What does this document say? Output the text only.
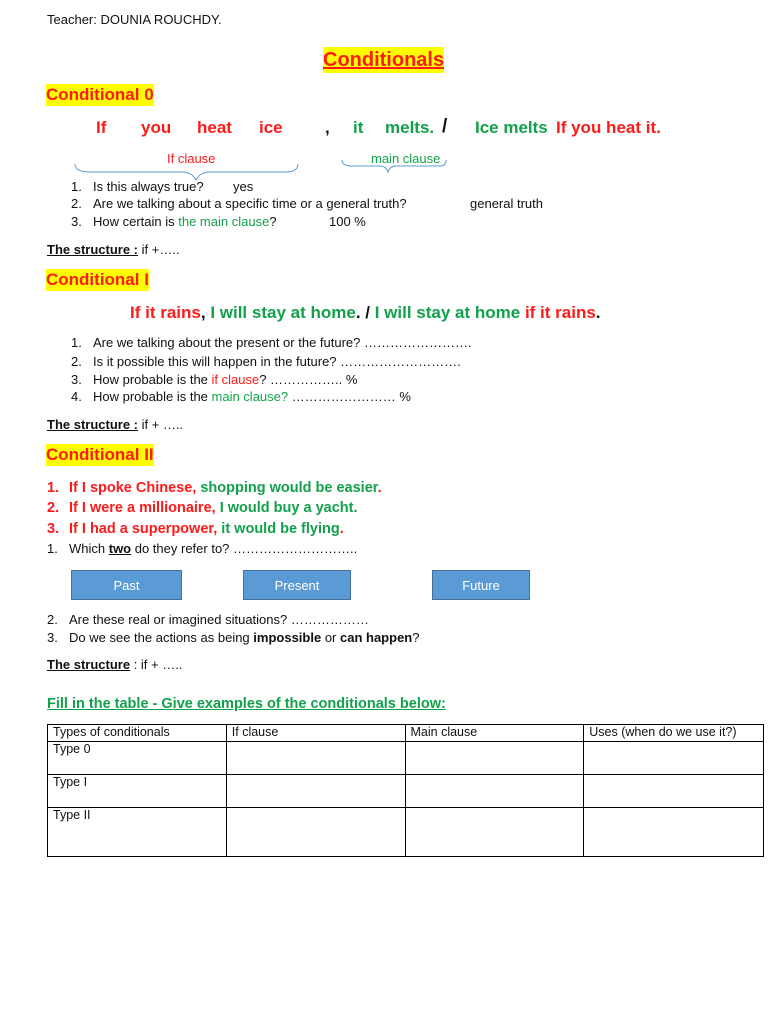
Teacher: DOUNIA ROUCHDY.
Conditionals
Conditional 0
If you heat ice , it melts. / Ice melts If you heat it.
If clause	main clause
1. Is this always true? yes
2. Are we talking about a specific time or a general truth?	general truth
3. How certain is the main clause?	100 %
The structure : if +…..
Conditional I
If it rains, I will stay at home. / I will stay at home if it rains.
1. Are we talking about the present or the future? …………………….
2. Is it possible this will happen in the future? ……………………….
3. How probable is the if clause? …………….. %
4. How probable is the main clause? …………………… %
The structure : if + …..
Conditional II
1. If I spoke Chinese, shopping would be easier.
2. If I were a millionaire, I would buy a yacht.
3. If I had a superpower, it would be flying.
1. Which two do they refer to? ………………………..
Past	Present	Future
2. Are these real or imagined situations? ………………
3. Do we see the actions as being impossible or can happen?
The structure : if + …..
Fill in the table - Give examples of the conditionals below:
Types of conditionals	If clause	Main clause	Uses (when do we use it?)
Type 0			
Type I			
Type II			
